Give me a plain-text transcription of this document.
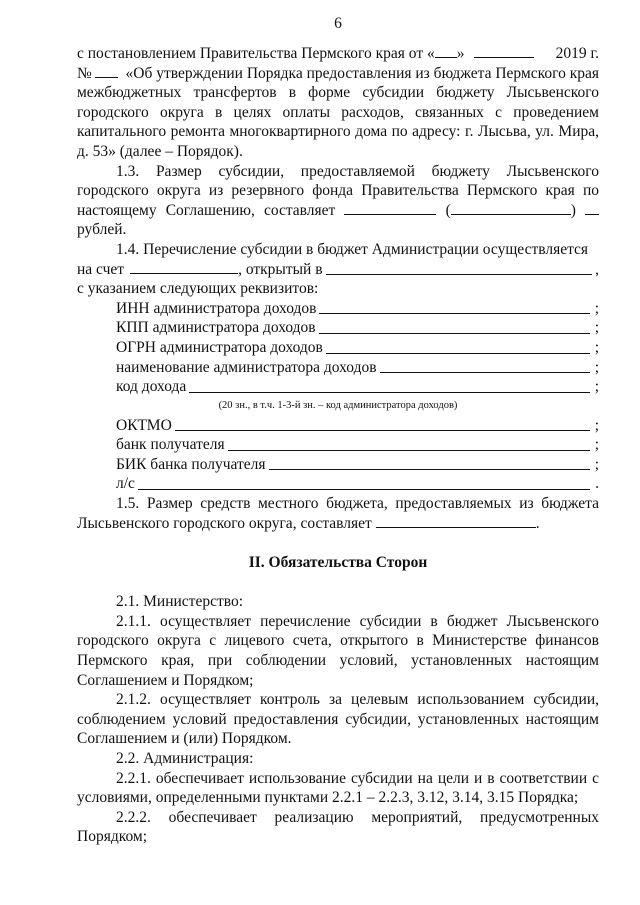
6
с постановлением Правительства Пермского края от « »	2019 г.
№ «Об утверждении Порядка предоставления из бюджета Пермского края

межбюджетных трансфертов в форме субсидии бюджету Лысьвенского городского округа в целях оплаты расходов, связанных с проведением капитального ремонта многоквартирного дома по адресу: г. Лысьва, ул. Мира, д. 53» (далее – Порядок).

1.3. Размер субсидии, предоставляемой бюджету Лысьвенского городского округа из резервного фонда Правительства Пермского края по настоящему Соглашению, составляет	(	)  рублей.

1.4. Перечисление субсидии в бюджет Администрации осуществляется

на счет	, открытый в	,

с указанием следующих реквизитов:

ИНН администратора доходов	;
КПП администратора доходов	;
ОГРН администратора доходов	;
наименование администратора доходов	;
код дохода	;
(20 зн., в т.ч. 1-3-й зн. – код администратора доходов)
ОКТМО	;
банк получателя	;
БИК банка получателя	;
л/с	.

1.5. Размер средств местного бюджета, предоставляемых из бюджета Лысьвенского городского округа, составляет	.

II. Обязательства Сторон

2.1. Министерство:

2.1.1. осуществляет перечисление субсидии в бюджет Лысьвенского городского округа с лицевого счета, открытого в Министерстве финансов Пермского края, при соблюдении условий, установленных настоящим Соглашением и Порядком;

2.1.2. осуществляет контроль за целевым использованием субсидии, соблюдением условий предоставления субсидии, установленных настоящим Соглашением и (или) Порядком.

2.2. Администрация:

2.2.1. обеспечивает использование субсидии на цели и в соответствии с условиями, определенными пунктами 2.2.1 – 2.2.3, 3.12, 3.14, 3.15 Порядка;

2.2.2. обеспечивает реализацию мероприятий, предусмотренных Порядком;
